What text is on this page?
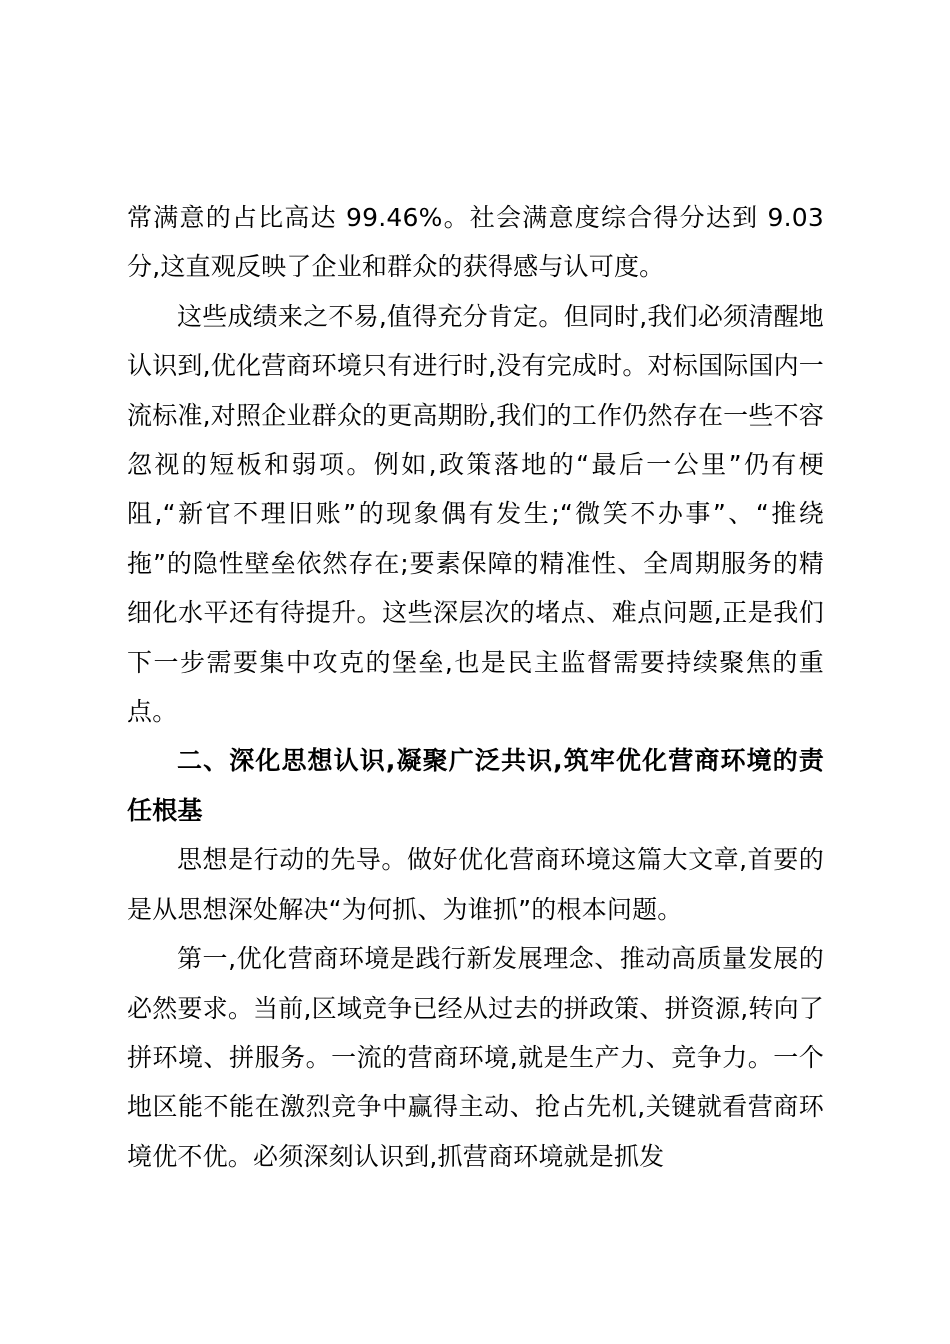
常满意的占比高达 99.46%。社会满意度综合得分达到 9.03分,这直观反映了企业和群众的获得感与认可度。

这些成绩来之不易,值得充分肯定。但同时,我们必须清醒地认识到,优化营商环境只有进行时,没有完成时。对标国际国内一流标准,对照企业群众的更高期盼,我们的工作仍然存在一些不容忽视的短板和弱项。例如,政策落地的“最后一公里”仍有梗阻,“新官不理旧账”的现象偶有发生;“微笑不办事”、“推绕拖”的隐性壁垒依然存在;要素保障的精准性、全周期服务的精细化水平还有待提升。这些深层次的堵点、难点问题,正是我们下一步需要集中攻克的堡垒,也是民主监督需要持续聚焦的重点。

二、深化思想认识,凝聚广泛共识,筑牢优化营商环境的责任根基

思想是行动的先导。做好优化营商环境这篇大文章,首要的是从思想深处解决“为何抓、为谁抓”的根本问题。

第一,优化营商环境是践行新发展理念、推动高质量发展的必然要求。当前,区域竞争已经从过去的拼政策、拼资源,转向了拼环境、拼服务。一流的营商环境,就是生产力、竞争力。一个地区能不能在激烈竞争中赢得主动、抢占先机,关键就看营商环境优不优。必须深刻认识到,抓营商环境就是抓发
